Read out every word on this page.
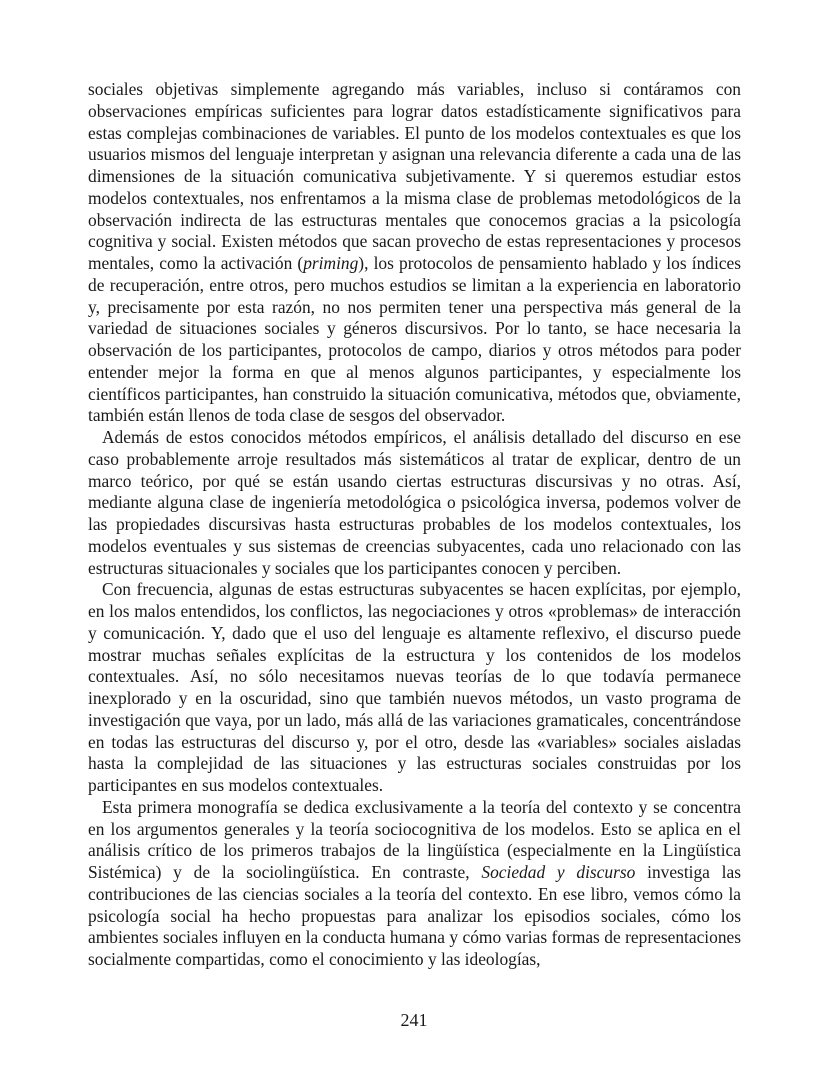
sociales objetivas simplemente agregando más variables, incluso si contáramos con observaciones empíricas suficientes para lograr datos estadísticamente significativos para estas complejas combinaciones de variables. El punto de los modelos contextuales es que los usuarios mismos del lenguaje interpretan y asignan una relevancia diferente a cada una de las dimensiones de la situación comunicativa subjetivamente. Y si queremos estudiar estos modelos contextuales, nos enfrentamos a la misma clase de problemas metodológicos de la observación indirecta de las estructuras mentales que conocemos gracias a la psicología cognitiva y social. Existen métodos que sacan provecho de estas representaciones y procesos mentales, como la activación (priming), los protocolos de pensamiento hablado y los índices de recuperación, entre otros, pero muchos estudios se limitan a la experiencia en laboratorio y, precisamente por esta razón, no nos permiten tener una perspectiva más general de la variedad de situaciones sociales y géneros discursivos. Por lo tanto, se hace necesaria la observación de los participantes, protocolos de campo, diarios y otros métodos para poder entender mejor la forma en que al menos algunos participantes, y especialmente los científicos participantes, han construido la situación comunicativa, métodos que, obviamente, también están llenos de toda clase de sesgos del observador.

Además de estos conocidos métodos empíricos, el análisis detallado del discurso en ese caso probablemente arroje resultados más sistemáticos al tratar de explicar, dentro de un marco teórico, por qué se están usando ciertas estructuras discursivas y no otras. Así, mediante alguna clase de ingeniería metodológica o psicológica inversa, podemos volver de las propiedades discursivas hasta estructuras probables de los modelos contextuales, los modelos eventuales y sus sistemas de creencias subyacentes, cada uno relacionado con las estructuras situacionales y sociales que los participantes conocen y perciben.

Con frecuencia, algunas de estas estructuras subyacentes se hacen explícitas, por ejemplo, en los malos entendidos, los conflictos, las negociaciones y otros «problemas» de interacción y comunicación. Y, dado que el uso del lenguaje es altamente reflexivo, el discurso puede mostrar muchas señales explícitas de la estructura y los contenidos de los modelos contextuales. Así, no sólo necesitamos nuevas teorías de lo que todavía permanece inexplorado y en la oscuridad, sino que también nuevos métodos, un vasto programa de investigación que vaya, por un lado, más allá de las variaciones gramaticales, concentrándose en todas las estructuras del discurso y, por el otro, desde las «variables» sociales aisladas hasta la complejidad de las situaciones y las estructuras sociales construidas por los participantes en sus modelos contextuales.

Esta primera monografía se dedica exclusivamente a la teoría del contexto y se concentra en los argumentos generales y la teoría sociocognitiva de los modelos. Esto se aplica en el análisis crítico de los primeros trabajos de la lingüística (especialmente en la Lingüística Sistémica) y de la sociolingüística. En contraste, Sociedad y discurso investiga las contribuciones de las ciencias sociales a la teoría del contexto. En ese libro, vemos cómo la psicología social ha hecho propuestas para analizar los episodios sociales, cómo los ambientes sociales influyen en la conducta humana y cómo varias formas de representaciones socialmente compartidas, como el conocimiento y las ideologías,

241
